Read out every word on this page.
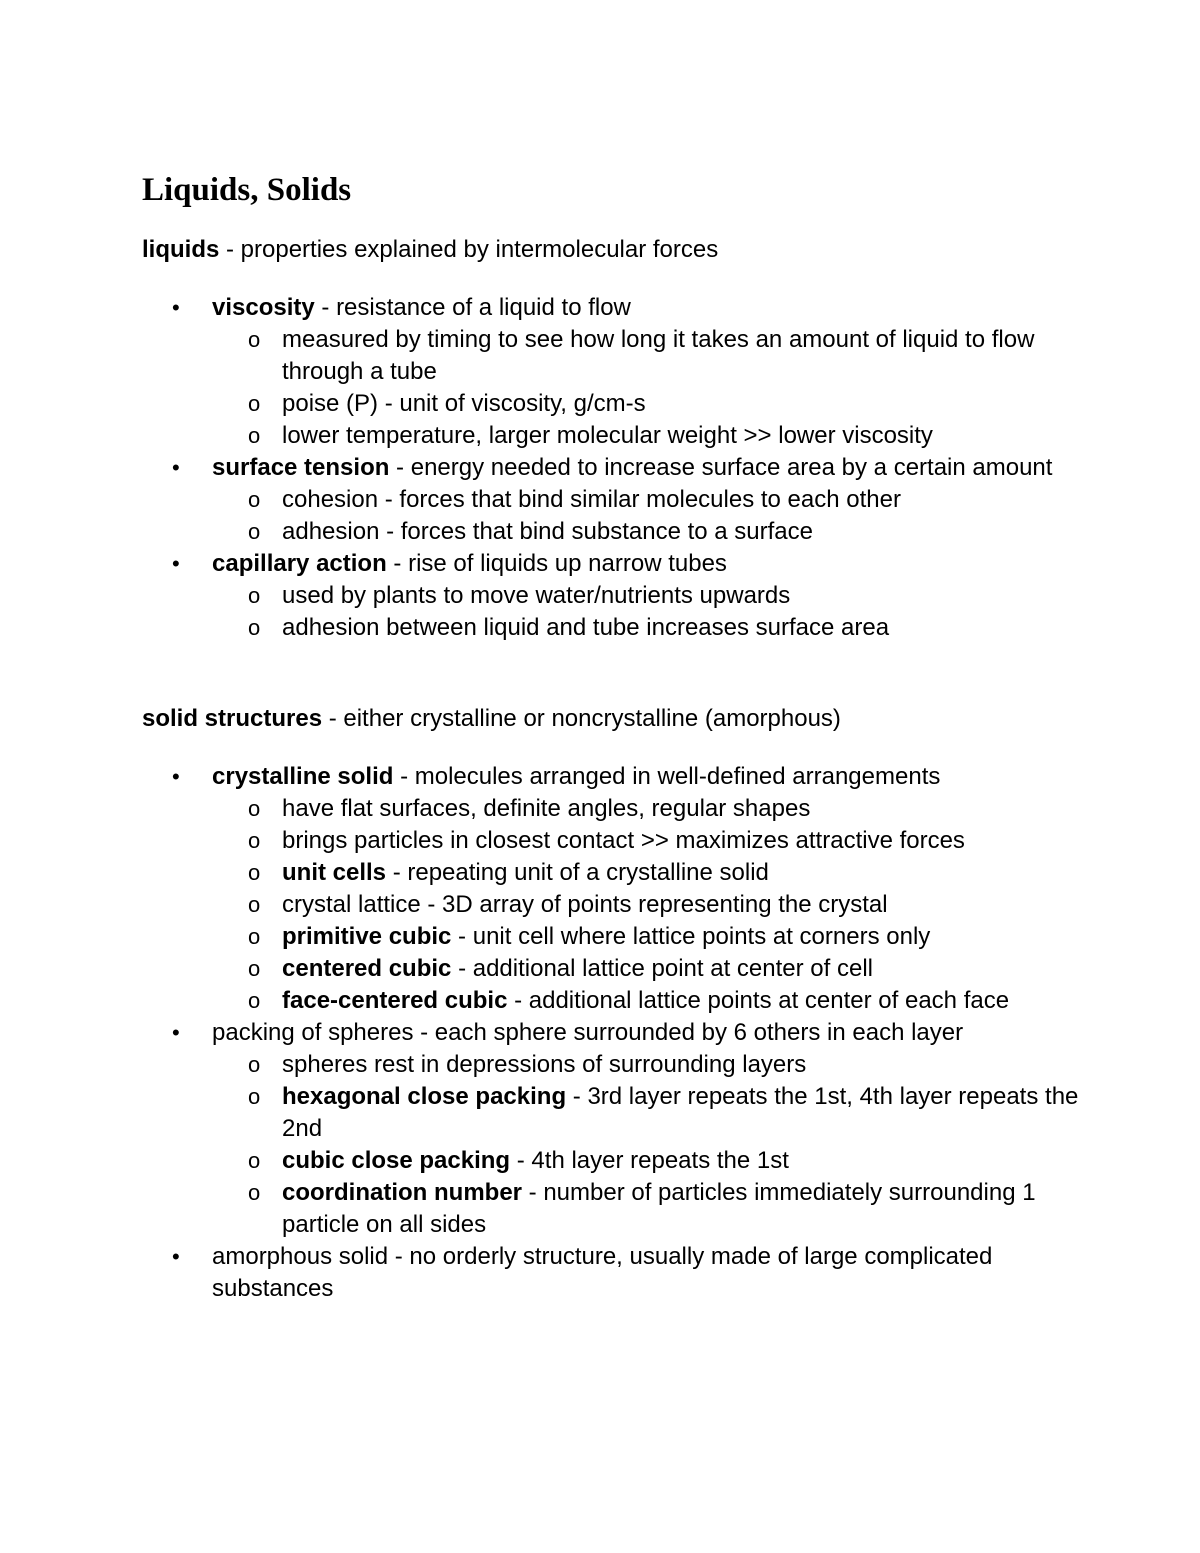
Liquids, Solids

liquids - properties explained by intermolecular forces

• viscosity - resistance of a liquid to flow
o measured by timing to see how long it takes an amount of liquid to flow through a tube
o poise (P) - unit of viscosity, g/cm-s
o lower temperature, larger molecular weight >> lower viscosity
• surface tension - energy needed to increase surface area by a certain amount
o cohesion - forces that bind similar molecules to each other
o adhesion - forces that bind substance to a surface
• capillary action - rise of liquids up narrow tubes
o used by plants to move water/nutrients upwards
o adhesion between liquid and tube increases surface area

solid structures - either crystalline or noncrystalline (amorphous)

• crystalline solid - molecules arranged in well-defined arrangements
o have flat surfaces, definite angles, regular shapes
o brings particles in closest contact >> maximizes attractive forces
o unit cells - repeating unit of a crystalline solid
o crystal lattice - 3D array of points representing the crystal
o primitive cubic - unit cell where lattice points at corners only
o centered cubic - additional lattice point at center of cell
o face-centered cubic - additional lattice points at center of each face
• packing of spheres - each sphere surrounded by 6 others in each layer
o spheres rest in depressions of surrounding layers
o hexagonal close packing - 3rd layer repeats the 1st, 4th layer repeats the 2nd
o cubic close packing - 4th layer repeats the 1st
o coordination number - number of particles immediately surrounding 1 particle on all sides
• amorphous solid - no orderly structure, usually made of large complicated substances
